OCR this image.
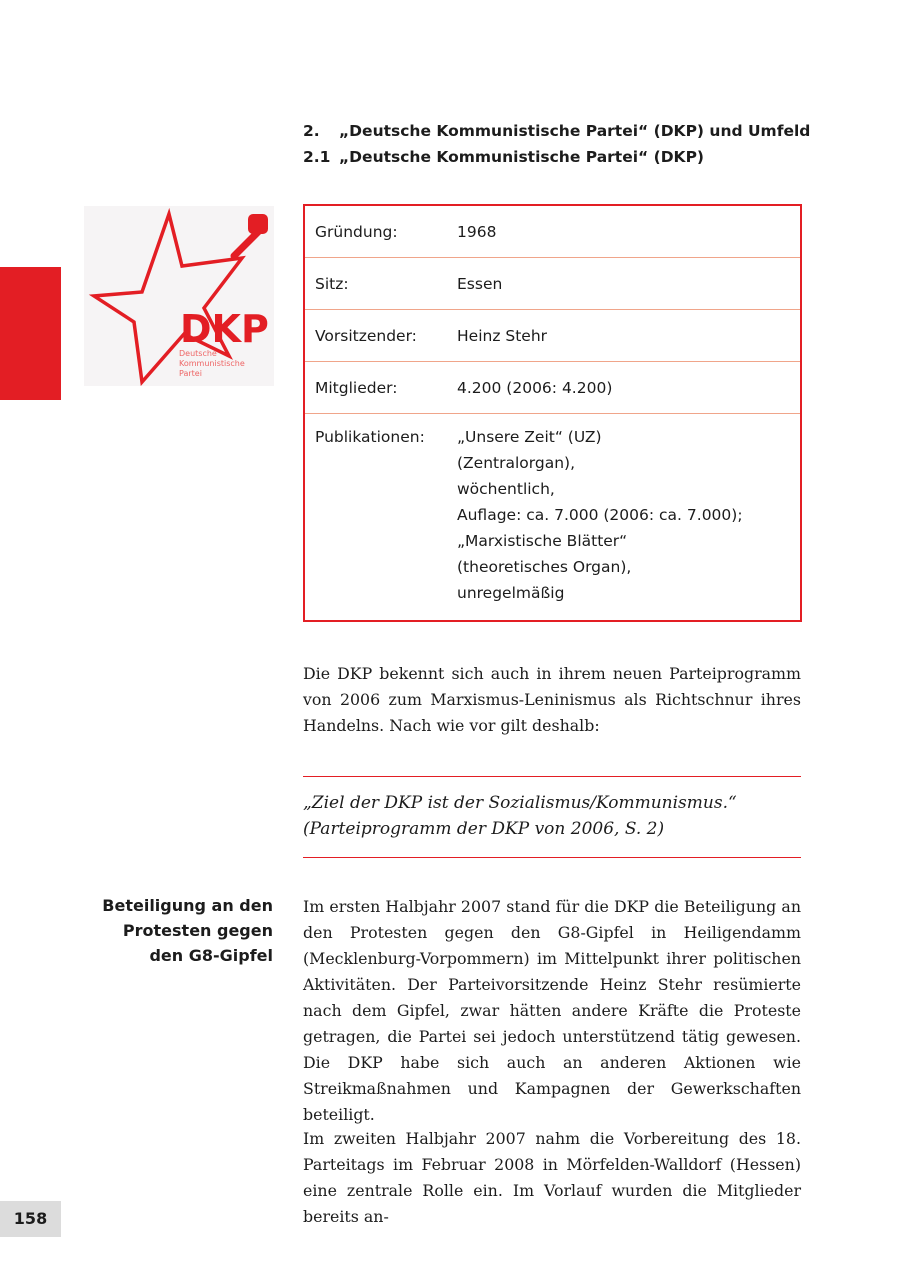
2.	„Deutsche Kommunistische Partei“ (DKP) und Umfeld
2.1 „Deutsche Kommunistische Partei“ (DKP)
DKP
Deutsche
Kommunistische
Partei
Gründung:	1968
Sitz:	Essen
Vorsitzender:	Heinz Stehr
Mitglieder:	4.200 (2006: 4.200)
Publikationen:	„Unsere Zeit“ (UZ)
(Zentralorgan),
wöchentlich,
Auflage: ca. 7.000 (2006: ca. 7.000);
„Marxistische Blätter“
(theoretisches Organ),
unregelmäßig

Die DKP bekennt sich auch in ihrem neuen Parteiprogramm von 2006 zum Marxismus-Leninismus als Richtschnur ihres Handelns. Nach wie vor gilt deshalb:

„Ziel der DKP ist der Sozialismus/Kommunismus.“
(Parteiprogramm der DKP von 2006, S. 2)
Beteiligung an den
Protesten gegen
den G8-Gipfel

Im ersten Halbjahr 2007 stand für die DKP die Beteiligung an den Protesten gegen den G8-Gipfel in Heiligendamm (Mecklenburg-Vorpommern) im Mittelpunkt ihrer politischen Aktivitäten. Der Parteivorsitzende Heinz Stehr resümierte nach dem Gipfel, zwar hätten andere Kräfte die Proteste getragen, die Partei sei jedoch unterstützend tätig gewesen. Die DKP habe sich auch an anderen Aktionen wie Streikmaßnahmen und Kampagnen der Gewerkschaften beteiligt.

Im zweiten Halbjahr 2007 nahm die Vorbereitung des 18. Parteitags im Februar 2008 in Mörfelden-Walldorf (Hessen) eine zentrale Rolle ein. Im Vorlauf wurden die Mitglieder bereits an-

158
